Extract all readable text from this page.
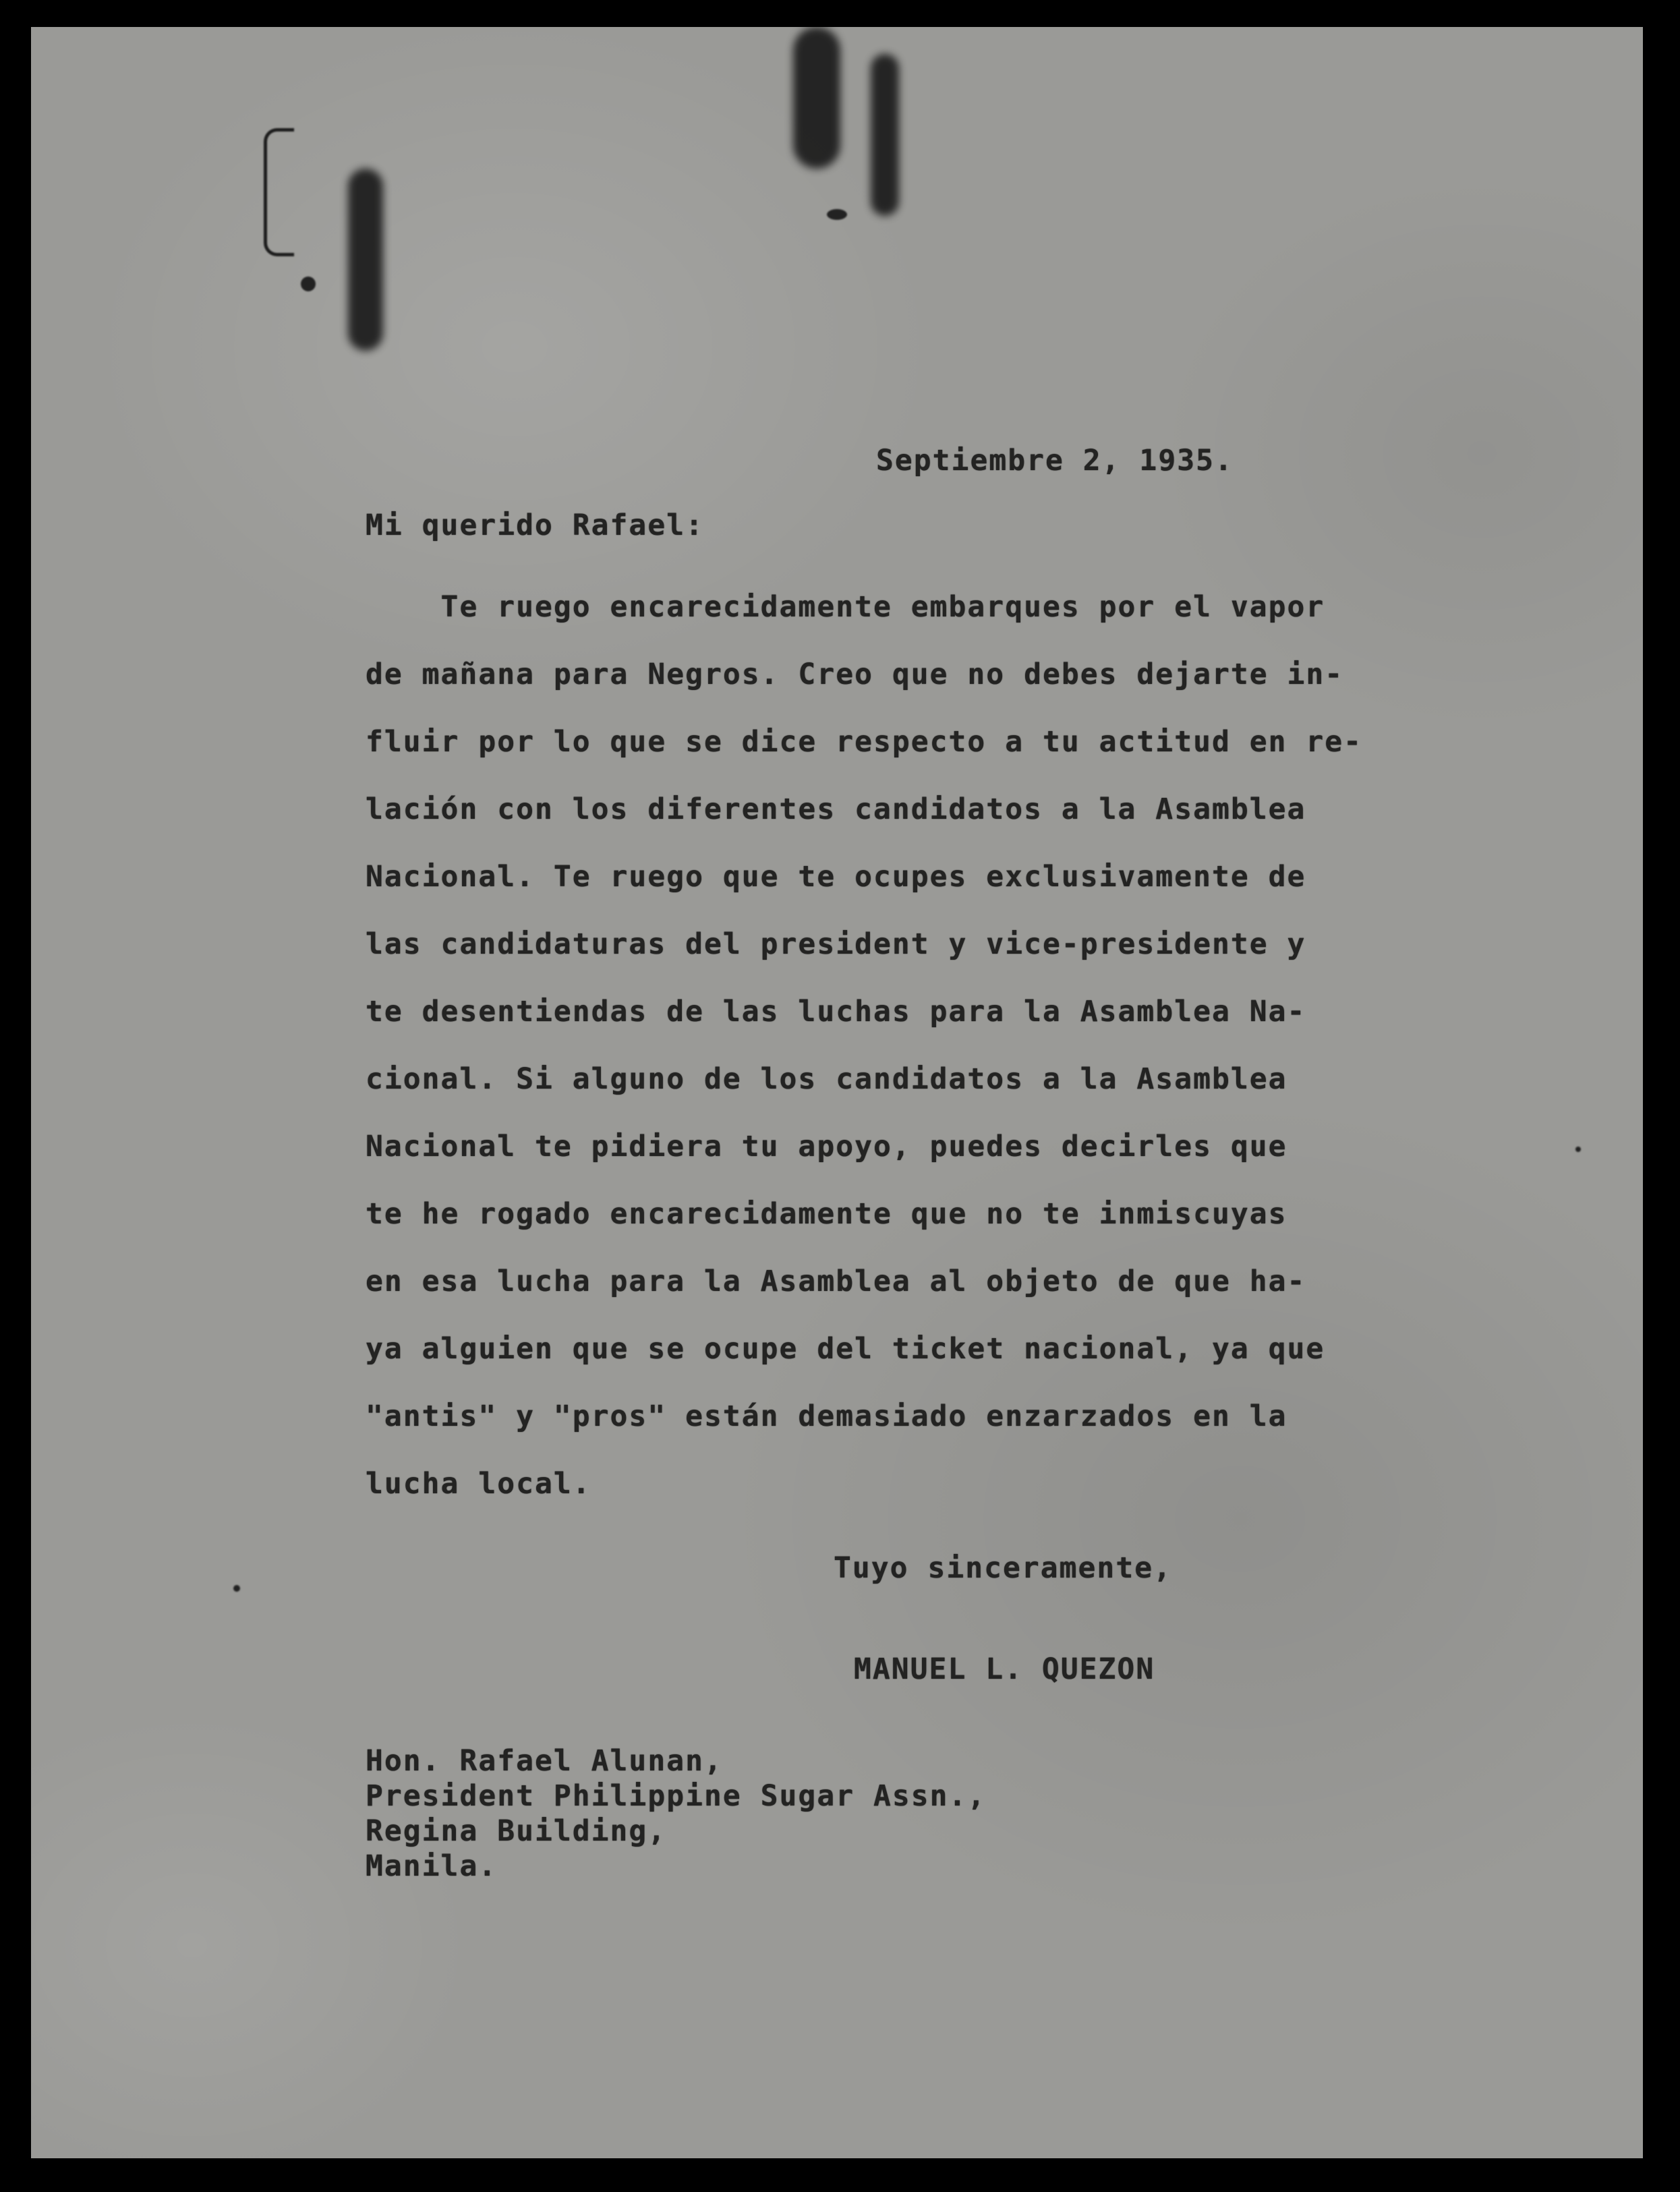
Septiembre 2, 1935.

Mi querido Rafael:

Te ruego encarecidamente embarques por el vapor
de mañana para Negros. Creo que no debes dejarte in-
fluir por lo que se dice respecto a tu actitud en re-
lación con los diferentes candidatos a la Asamblea
Nacional. Te ruego que te ocupes exclusivamente de
las candidaturas del president y vice-presidente y
te desentiendas de las luchas para la Asamblea Na-
cional. Si alguno de los candidatos a la Asamblea
Nacional te pidiera tu apoyo, puedes decirles que
te he rogado encarecidamente que no te inmiscuyas
en esa lucha para la Asamblea al objeto de que ha-
ya alguien que se ocupe del ticket nacional, ya que
"antis" y "pros" están demasiado enzarzados en la
lucha local.

Tuyo sinceramente,

MANUEL L. QUEZON

Hon. Rafael Alunan,
President Philippine Sugar Assn.,
Regina Building,
Manila.
